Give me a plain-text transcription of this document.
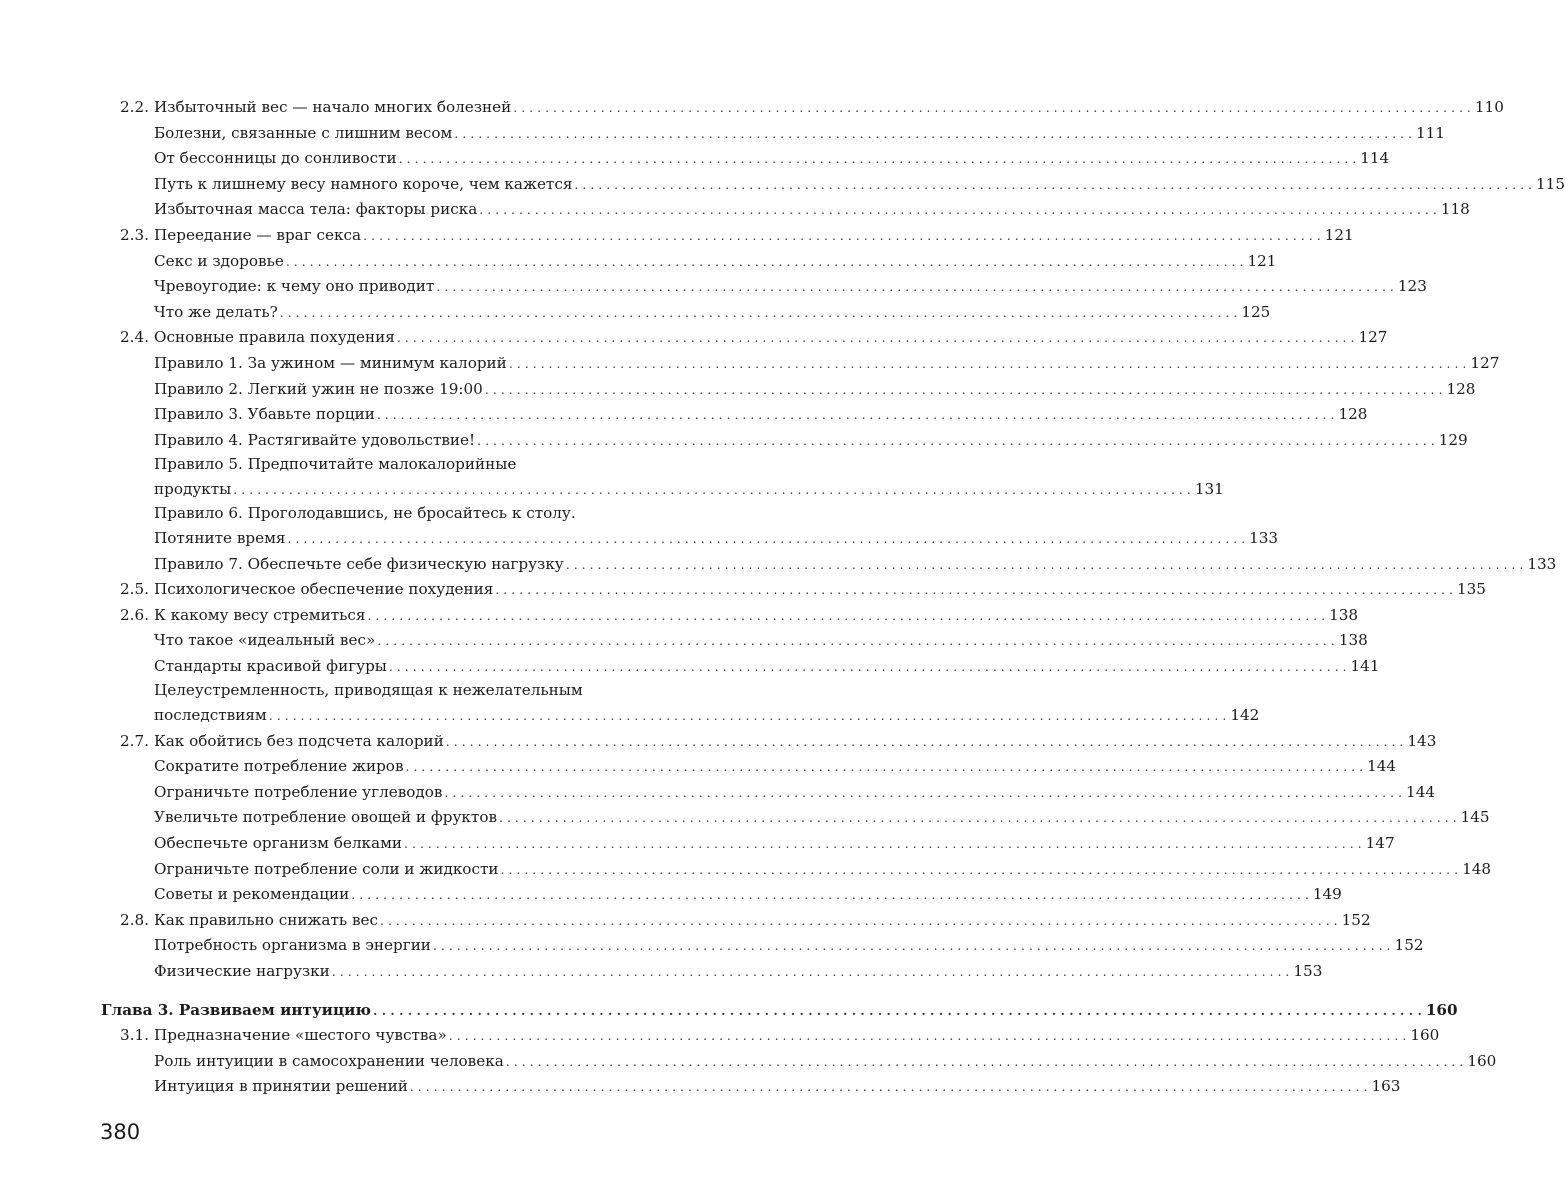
2.2. Избыточный вес — начало многих болезней . . .	110
Болезни, связанные с лишним весом . . .	111
От бессонницы до сонливости . . .	114
Путь к лишнему весу намного короче, чем кажется . . .	115
Избыточная масса тела: факторы риска . . .	118
2.3. Переедание — враг секса . . .	121
Секс и здоровье . . .	121
Чревоугодие: к чему оно приводит . . .	123
Что же делать? . . .	125
2.4. Основные правила похудения . . .	127
Правило 1. За ужином — минимум калорий . . .	127
Правило 2. Легкий ужин не позже 19:00 . . .	128
Правило 3. Убавьте порции . . .	128
Правило 4. Растягивайте удовольствие! . . .	129
Правило 5. Предпочитайте малокалорийные
продукты . . .	131
Правило 6. Проголодавшись, не бросайтесь к столу.
Потяните время . . .	133
Правило 7. Обеспечьте себе физическую нагрузку . . .	133
2.5. Психологическое обеспечение похудения . . .	135
2.6. К какому весу стремиться . . .	138
Что такое «идеальный вес» . . .	138
Стандарты красивой фигуры . . .	141
Целеустремленность, приводящая к нежелательным
последствиям . . .	142
2.7. Как обойтись без подсчета калорий . . .	143
Сократите потребление жиров . . .	144
Ограничьте потребление углеводов . . .	144
Увеличьте потребление овощей и фруктов . . .	145
Обеспечьте организм белками . . .	147
Ограничьте потребление соли и жидкости . . .	148
Советы и рекомендации . . .	149
2.8. Как правильно снижать вес . . .	152
Потребность организма в энергии . . .	152
Физические нагрузки . . .	153
Глава 3. Развиваем интуицию . . .	160
3.1. Предназначение «шестого чувства» . . .	160
Роль интуиции в самосохранении человека . . .	160
Интуиция в принятии решений . . .	163
380
